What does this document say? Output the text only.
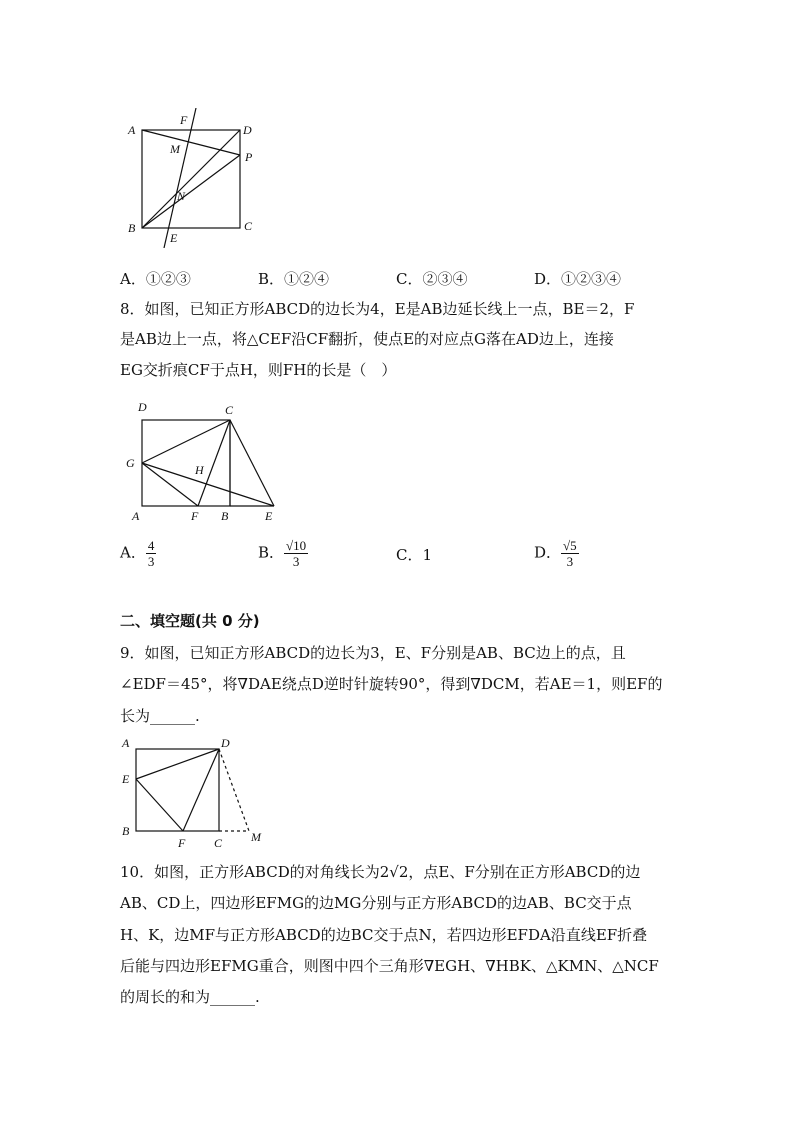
A
F
D
M
P
N
B	C
E
A．①②③	B．①②④	C．②③④	D．①②③④
8．如图，已知正方形ABCD的边长为4，E是AB边延长线上一点，BE＝2，F
是AB边上一点，将△CEF沿CF翻折，使点E的对应点G落在AD边上，连接
EG交折痕CF于点H，则FH的长是（　）
D	C
G	H
A	F B	E
A． $\frac{4}{3}$	B． $\frac{√10}{3}$	C．1	D． $\frac{√5}{3}$
二、填空题(共 0 分)
9．如图，已知正方形ABCD的边长为3，E、F分别是AB、BC边上的点，且
∠EDF＝45°，将∇DAE绕点D逆时针旋转90°，得到∇DCM，若AE＝1，则EF的
长为______.
A	D
E
B
F C M
10．如图，正方形ABCD的对角线长为2√2，点E、F分别在正方形ABCD的边
AB、CD上，四边形EFMG的边MG分别与正方形ABCD的边AB、BC交于点
H、K，边MF与正方形ABCD的边BC交于点N，若四边形EFDA沿直线EF折叠
后能与四边形EFMG重合，则图中四个三角形∇EGH、∇HBK、△KMN、△NCF
的周长的和为______.
